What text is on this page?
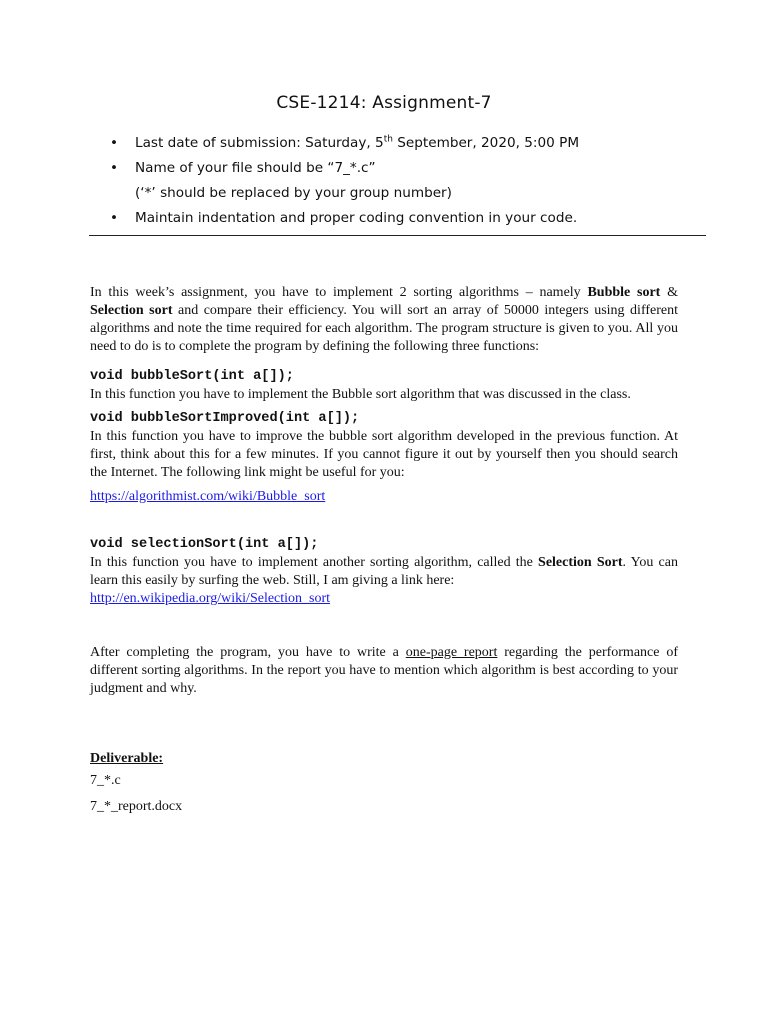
CSE-1214: Assignment-7
•	Last date of submission: Saturday, 5th September, 2020, 5:00 PM
•	Name of your file should be “7_*.c”
(‘*’ should be replaced by your group number)
•	Maintain indentation and proper coding convention in your code.

In this week’s assignment, you have to implement 2 sorting algorithms – namely Bubble sort & Selection sort and compare their efficiency. You will sort an array of 50000 integers using different algorithms and note the time required for each algorithm. The program structure is given to you. All you need to do is to complete the program by defining the following three functions:

void bubbleSort(int a[]);

In this function you have to implement the Bubble sort algorithm that was discussed in the class.

void bubbleSortImproved(int a[]);

In this function you have to improve the bubble sort algorithm developed in the previous function. At first, think about this for a few minutes. If you cannot figure it out by yourself then you should search the Internet. The following link might be useful for you:

https://algorithmist.com/wiki/Bubble_sort

void selectionSort(int a[]);

In this function you have to implement another sorting algorithm, called the Selection Sort. You can learn this easily by surfing the web. Still, I am giving a link here:

http://en.wikipedia.org/wiki/Selection_sort

After completing the program, you have to write a one-page report regarding the performance of different sorting algorithms. In the report you have to mention which algorithm is best according to your judgment and why.

Deliverable:

7_*.c

7_*_report.docx
